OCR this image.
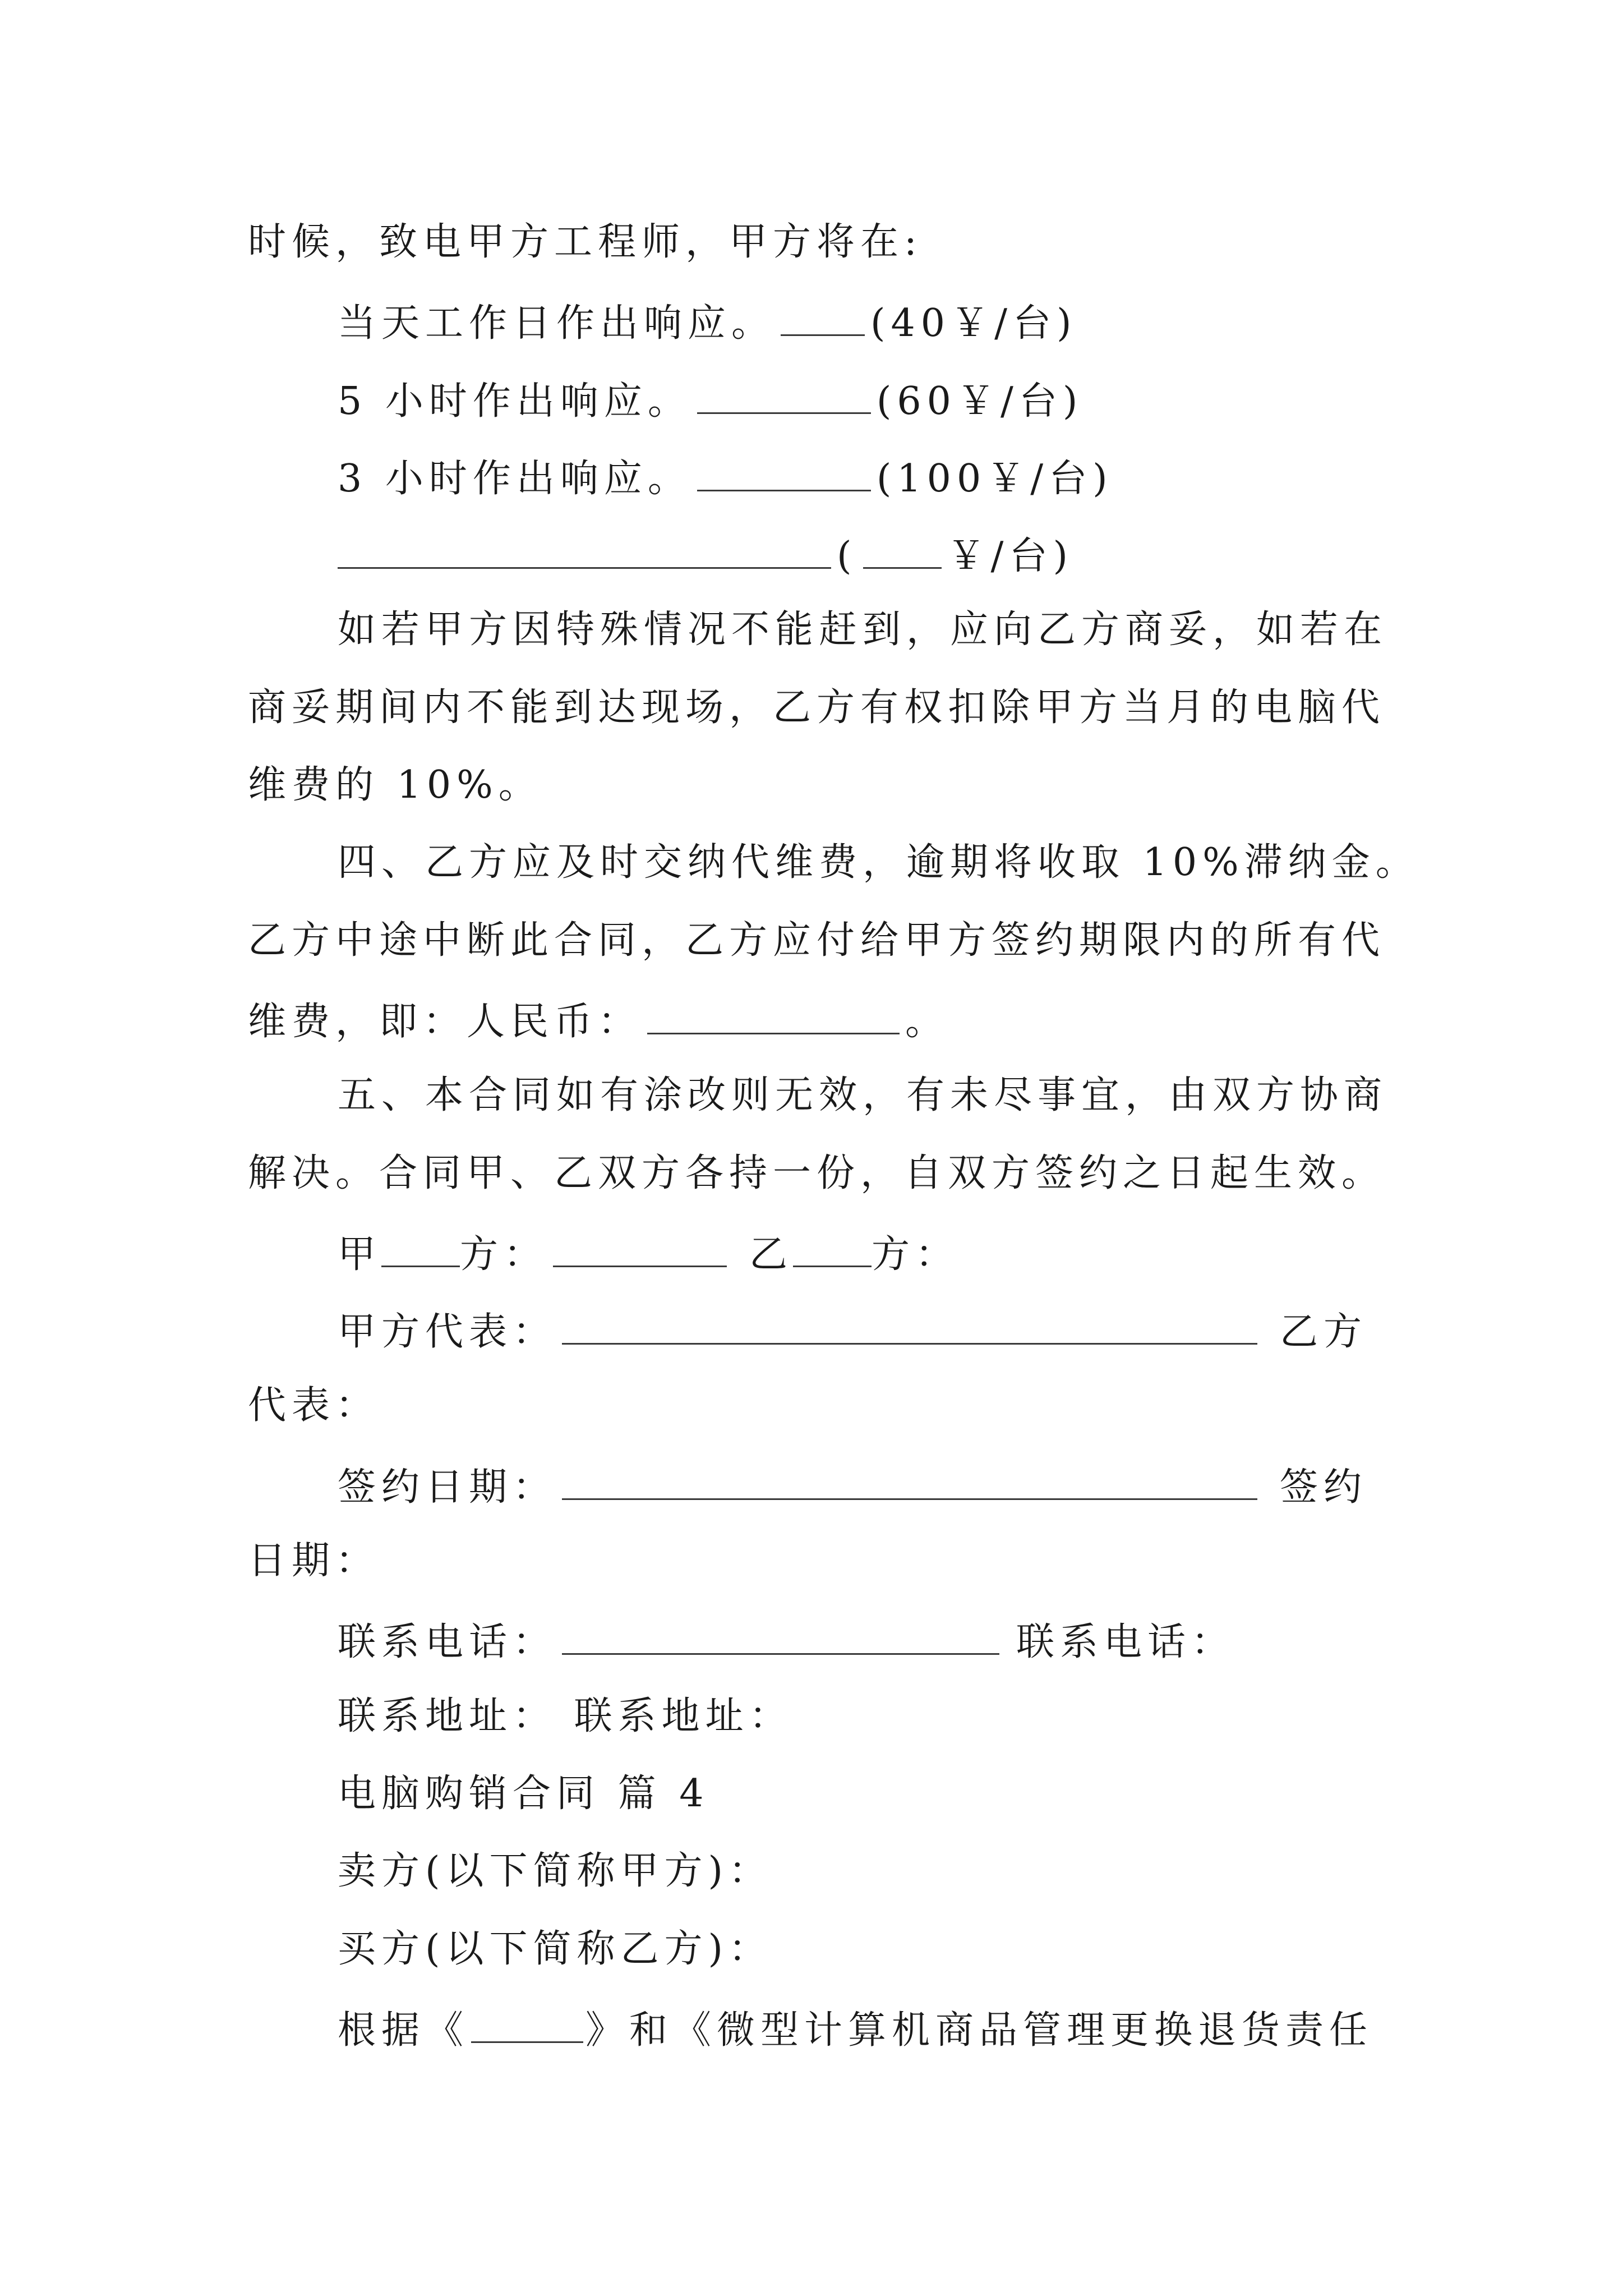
时候，致电甲方工程师，甲方将在:
当天工作日作出响应。	(40￥/台)
5 小时作出响应。	(60￥/台)
3 小时作出响应。	(100￥/台)
( ￥/台)
如若甲方因特殊情况不能赶到，应向乙方商妥，如若在
商妥期间内不能到达现场，乙方有权扣除甲方当月的电脑代
维费的 10%。
四、乙方应及时交纳代维费，逾期将收取 10%滞纳金。
乙方中途中断此合同，乙方应付给甲方签约期限内的所有代
维费，即：人民币：	。
五、本合同如有涂改则无效，有未尽事宜，由双方协商
解决。合同甲、乙双方各持一份，自双方签约之日起生效。
甲 方：	乙 方：
甲方代表：	乙方
代表：
签约日期：	签约
日期：
联系电话：	联系电话：
联系地址： 联系地址：
电脑购销合同 篇 4
卖方(以下简称甲方)：
买方(以下简称乙方)：
根据《	》和《微型计算机商品管理更换退货责任
